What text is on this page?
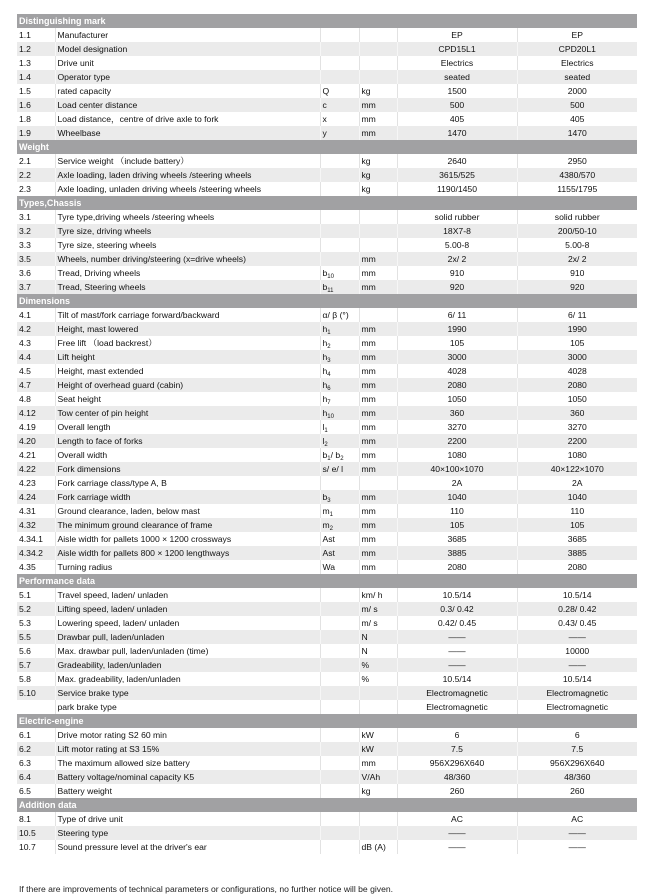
Distinguishing mark					
1.1	Manufacturer			EP	EP
1.2	Model designation			CPD15L1	CPD20L1
1.3	Drive unit			Electrics	Electrics
1.4	Operator type			seated	seated
1.5	rated capacity	Q	kg	1500	2000
1.6	Load center distance	c	mm	500	500
1.8	Load distance，centre of drive axle to fork	x	mm	405	405
1.9	Wheelbase	y	mm	1470	1470
Weight					
2.1	Service weight （include battery）		kg	2640	2950
2.2	Axle loading, laden driving wheels /steering wheels		kg	3615/525	4380/570
2.3	Axle loading, unladen driving wheels /steering wheels		kg	1190/1450	1155/1795
Types,Chassis					
3.1	Tyre type,driving wheels /steering wheels			solid rubber	solid rubber
3.2	Tyre size, driving wheels			18X7-8	200/50-10
3.3	Tyre size, steering wheels			5.00-8	5.00-8
3.5	Wheels, number driving/steering (x=drive wheels)		mm	2x/ 2	2x/ 2
3.6	Tread, Driving wheels	$b_{10}$	mm	910	910
3.7	Tread, Steering wheels	$b_{11}$	mm	920	920
Dimensions					
4.1	Tilt of mast/fork carriage forward/backward	α/ β (°)		6/ 11	6/ 11
4.2	Height, mast lowered	$h_1$	mm	1990	1990
4.3	Free lift （load backrest）	$h_2$	mm	105	105
4.4	Lift height	$h_3$	mm	3000	3000
4.5	Height, mast extended	$h_4$	mm	4028	4028
4.7	Height of overhead guard (cabin)	$h_6$	mm	2080	2080
4.8	Seat height	$h_7$	mm	1050	1050
4.12	Tow center of pin height	$h_{10}$	mm	360	360
4.19	Overall length	$l_1$	mm	3270	3270
4.20	Length to face of forks	$l_2$	mm	2200	2200
4.21	Overall width	$b_1/$ $b_2$	mm	1080	1080
4.22	Fork dimensions	s/ e/ l	mm	40×100×1070	40×122×1070
4.23	Fork carriage class/type A, B			2A	2A
4.24	Fork carriage width	$b_3$	mm	1040	1040
4.31	Ground clearance, laden, below mast	$m_1$	mm	110	110
4.32	The minimum ground clearance of frame	$m_2$	mm	105	105
4.34.1	Aisle width for pallets 1000 × 1200 crossways	Ast	mm	3685	3685
4.34.2	Aisle width for pallets 800 × 1200 lengthways	Ast	mm	3885	3885
4.35	Turning radius	Wa	mm	2080	2080
Performance data					
5.1	Travel speed, laden/ unladen		km/ h	10.5/14	10.5/14
5.2	Lifting speed, laden/ unladen		m/ s	0.3/ 0.42	0.28/ 0.42
5.3	Lowering speed, laden/ unladen		m/ s	0.42/ 0.45	0.43/ 0.45
5.5	Drawbar pull, laden/unladen		N	——	——
5.6	Max. drawbar pull, laden/unladen (time)		N	——	10000
5.7	Gradeability, laden/unladen		%	——	——
5.8	Max. gradeability, laden/unladen		%	10.5/14	10.5/14
5.10	Service brake type			Electromagnetic	Electromagnetic
	park brake type			Electromagnetic	Electromagnetic
Electric-engine					
6.1	Drive motor rating S2 60 min		kW	6	6
6.2	Lift motor rating at S3 15%		kW	7.5	7.5
6.3	The maximum allowed size battery		mm	956X296X640	956X296X640
6.4	Battery voltage/nominal capacity K5		V/Ah	48/360	48/360
6.5	Battery weight		kg	260	260
Addition data					
8.1	Type of drive unit			AC	AC
10.5	Steering type			——	——
10.7	Sound pressure level at the driver's ear		dB (A)	——	——
If there are improvements of technical parameters or configurations, no further notice will be given.
